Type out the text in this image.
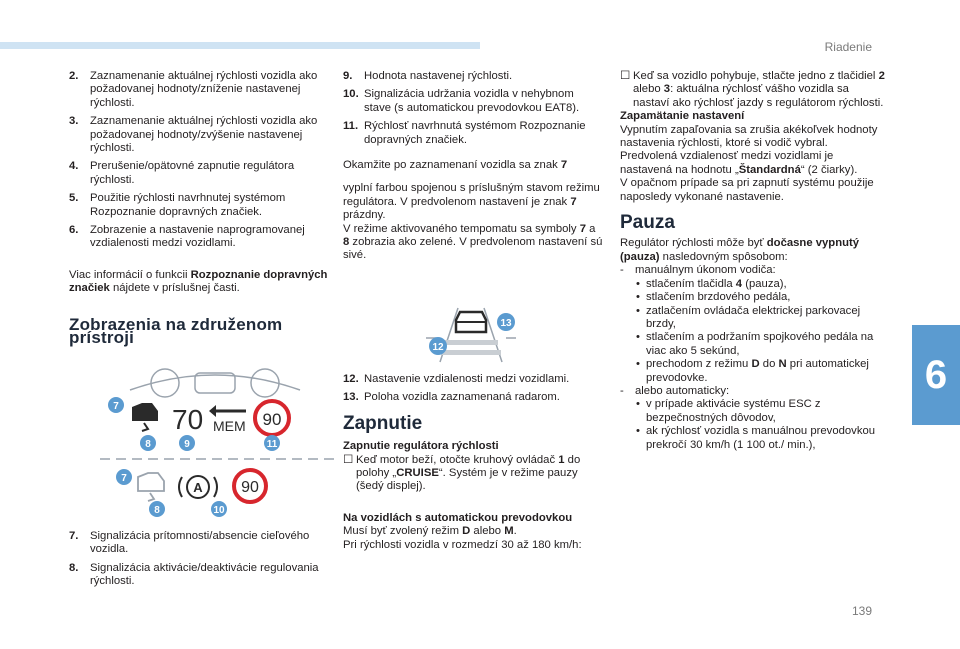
Riadenie
6
139
2.	Zaznamenanie aktuálnej rýchlosti vozidla ako požadovanej hodnoty/zníženie nastavenej rýchlosti.
3.	Zaznamenanie aktuálnej rýchlosti vozidla ako požadovanej hodnoty/zvýšenie nastavenej rýchlosti.
4.	Prerušenie/opätovné zapnutie regulátora rýchlosti.
5.	Použitie rýchlosti navrhnutej systémom Rozpoznanie dopravných značiek.
6.	Zobrazenie a nastavenie naprogramovanej vzdialenosti medzi vozidlami.

Viac informácií o funkcii Rozpoznanie dopravných značiek nájdete v príslušnej časti.

Zobrazenia na združenom prístroji
70 MEM 90
7
8	9	11
A 90
7
8	10
7.	Signalizácia prítomnosti/absencie cieľového vozidla.
8.	Signalizácia aktivácie/deaktivácie regulovania rýchlosti.
9.	Hodnota nastavenej rýchlosti.
10. Signalizácia udržania vozidla v nehybnom stave (s automatickou prevodovkou EAT8).
11. Rýchlosť navrhnutá systémom Rozpoznanie dopravných značiek.

Okamžite po zaznamenaní vozidla sa znak 7

vyplní farbou spojenou s príslušným stavom režimu regulátora. V predvolenom nastavení je znak 7 prázdny.

V režime aktivovaného tempomatu sa symboly 7 a 8 zobrazia ako zelené. V predvolenom nastavení sú sivé.

12
13
12. Nastavenie vzdialenosti medzi vozidlami.
13. Poloha vozidla zaznamenaná radarom.
Zapnutie
Zapnutie regulátora rýchlosti
☐ Keď motor beží, otočte kruhový ovládač 1 do polohy „CRUISE“. Systém je v režime pauzy (šedý displej).
Na vozidlách s automatickou prevodovkou
Musí byť zvolený režim D alebo M.
Pri rýchlosti vozidla v rozmedzí 30 až 180 km/h:
☐ Keď sa vozidlo pohybuje, stlačte jedno z tlačidiel 2 alebo 3: aktuálna rýchlosť vášho vozidla sa nastaví ako rýchlosť jazdy s regulátorom rýchlosti.
Zapamätanie nastavení
Vypnutím zapaľovania sa zrušia akékoľvek hodnoty nastavenia rýchlosti, ktoré si vodič vybral.
Predvolená vzdialenosť medzi vozidlami je nastavená na hodnotu „Štandardná“ (2 čiarky).
V opačnom prípade sa pri zapnutí systému použije naposledy vykonané nastavenie.
Pauza
Regulátor rýchlosti môže byť dočasne vypnutý (pauza) nasledovným spôsobom:
- manuálnym úkonom vodiča:
• stlačením tlačidla 4 (pauza),
• stlačením brzdového pedála,
• zatlačením ovládača elektrickej parkovacej brzdy,
• stlačením a podržaním spojkového pedála na viac ako 5 sekúnd,
• prechodom z režimu D do N pri automatickej prevodovke.
- alebo automaticky:
• v prípade aktivácie systému ESC z bezpečnostných dôvodov,
• ak rýchlosť vozidla s manuálnou prevodovkou prekročí 30 km/h (1 100 ot./ min.),
